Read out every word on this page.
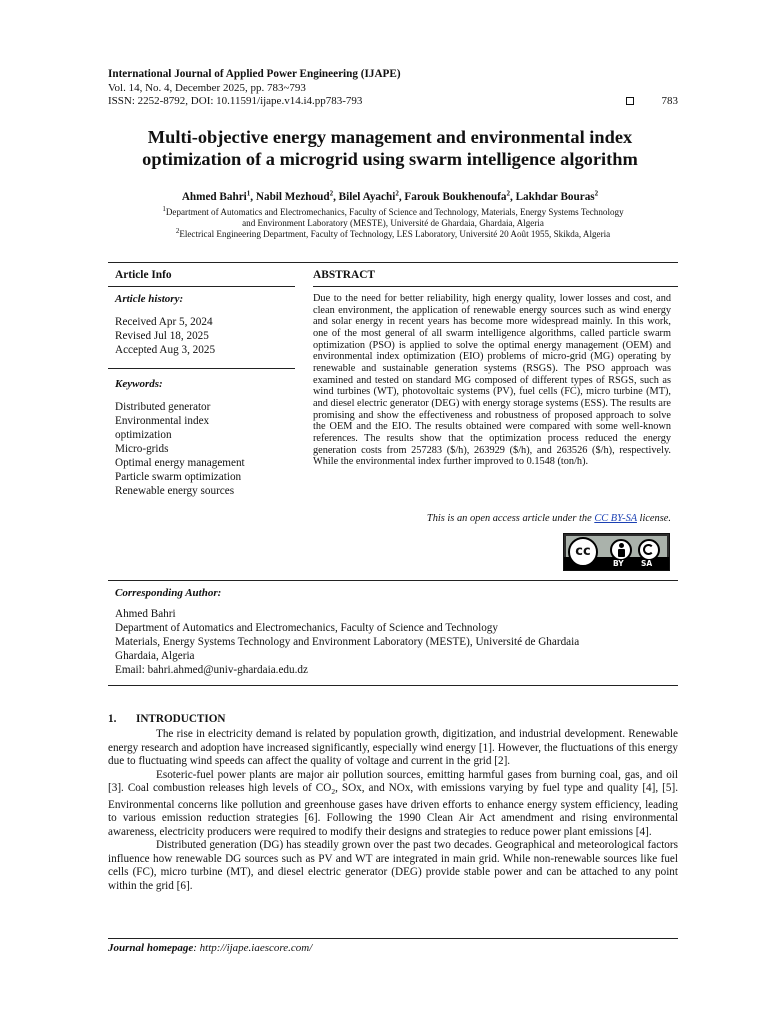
International Journal of Applied Power Engineering (IJAPE)
Vol. 14, No. 4, December 2025, pp. 783~793
ISSN: 2252-8792, DOI: 10.11591/ijape.v14.i4.pp783-793	783
Multi-objective energy management and environmental index
optimization of a microgrid using swarm intelligence algorithm
Ahmed Bahri$^1$, Nabil Mezhoud$^2$, Bilel Ayachi$^2$, Farouk Boukhenoufa$^2$, Lakhdar Bouras$^2$
$^1$Department of Automatics and Electromechanics, Faculty of Science and Technology, Materials, Energy Systems Technology
and Environment Laboratory (MESTE), Université de Ghardaia, Ghardaia, Algeria
$^2$Electrical Engineering Department, Faculty of Technology, LES Laboratory, Université 20 Août 1955, Skikda, Algeria
Article Info	ABSTRACT
Article history:
Received Apr 5, 2024
Revised Jul 18, 2025
Accepted Aug 3, 2025
Keywords:
Distributed generator
Environmental index
optimization
Micro-grids
Optimal energy management
Particle swarm optimization
Renewable energy sources
Due to the need for better reliability, high energy quality, lower losses and cost, and clean environment, the application of renewable energy sources such as wind energy and solar energy in recent years has become more widespread mainly. In this work, one of the most general of all swarm intelligence algorithms, called particle swarm optimization (PSO) is applied to solve the optimal energy management (OEM) and environmental index optimization (EIO) problems of micro-grid (MG) operating by renewable and sustainable generation systems (RSGS). The PSO approach was examined and tested on standard MG composed of different types of RSGS, such as wind turbines (WT), photovoltaic systems (PV), fuel cells (FC), micro turbine (MT), and diesel electric generator (DEG) with energy storage systems (ESS). The results are promising and show the effectiveness and robustness of proposed approach to solve the OEM and the EIO. The results obtained were compared with some well-known references. The results show that the optimization process reduced the energy generation costs from 257283 ($/h), 263929 ($/h), and 263526 ($/h), respectively. While the environmental index further improved to 0.1548 (ton/h).
This is an open access article under the CC BY-SA license.
cc
BY SA
Corresponding Author:
Ahmed Bahri
Department of Automatics and Electromechanics, Faculty of Science and Technology
Materials, Energy Systems Technology and Environment Laboratory (MESTE), Université de Ghardaia
Ghardaia, Algeria
Email: bahri.ahmed@univ-ghardaia.edu.dz
1. INTRODUCTION

The rise in electricity demand is related by population growth, digitization, and industrial development. Renewable energy research and adoption have increased significantly, especially wind energy [1]. However, the fluctuations of this energy due to fluctuating wind speeds can affect the quality of voltage and current in the grid [2].

Esoteric-fuel power plants are major air pollution sources, emitting harmful gases from burning coal, gas, and oil [3]. Coal combustion releases high levels of $CO_2$, SOx, and NOx, with emissions varying by fuel type and quality [4], [5]. Environmental concerns like pollution and greenhouse gases have driven efforts to enhance energy system efficiency, leading to various emission reduction strategies [6]. Following the 1990 Clean Air Act amendment and rising environmental awareness, electricity producers were required to modify their designs and strategies to reduce power plant emissions [4].

Distributed generation (DG) has steadily grown over the past two decades. Geographical and meteorological factors influence how renewable DG sources such as PV and WT are integrated in main grid. While non-renewable sources like fuel cells (FC), micro turbine (MT), and diesel electric generator (DEG) provide stable power and can be attached to any point within the grid [6].

Journal homepage: http://ijape.iaescore.com/
